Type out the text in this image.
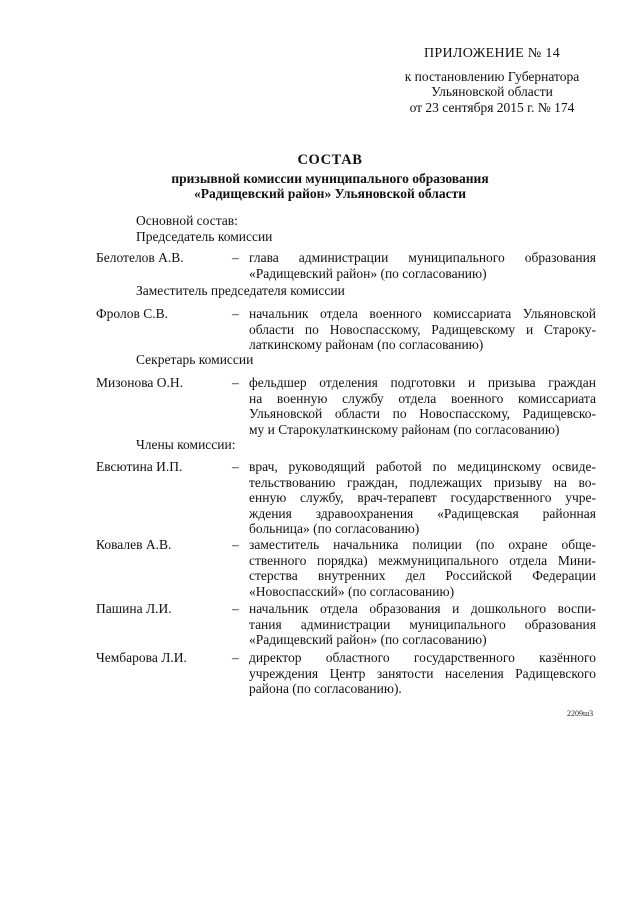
ПРИЛОЖЕНИЕ № 14
к постановлению Губернатора
Ульяновской области
от 23 сентября 2015 г. № 174
СОСТАВ
призывной комиссии муниципального образования
«Радищевский район» Ульяновской области
Основной состав:
Председатель комиссии
Белотелов А.В.	– глава администрации муниципального образования
«Радищевский район» (по согласованию)
Заместитель председателя комиссии
Фролов С.В.	– начальник отдела военного комиссариата Ульяновской
области по Новоспасскому, Радищевскому и Староку-
латкинскому районам (по согласованию)
Секретарь комиссии
Мизонова О.Н.	– фельдшер отделения подготовки и призыва граждан
на военную службу отдела военного комиссариата
Ульяновской области по Новоспасскому, Радищевско-
му и Старокулаткинскому районам (по согласованию)
Члены комиссии:
Евсютина И.П.	– врач, руководящий работой по медицинскому освиде-
тельствованию граждан, подлежащих призыву на во-
енную службу, врач-терапевт государственного учре-
ждения здравоохранения «Радищевская районная
больница» (по согласованию)
Ковалев А.В.	– заместитель начальника полиции (по охране обще-
ственного порядка) межмуниципального отдела Мини-
стерства внутренних дел Российской Федерации
«Новоспасский» (по согласованию)
Пашина Л.И.	– начальник отдела образования и дошкольного воспи-
тания администрации муниципального образования
«Радищевский район» (по согласованию)
Чембарова Л.И.	– директор областного государственного казённого
учреждения Центр занятости населения Радищевского
района (по согласованию).
2209ш3
